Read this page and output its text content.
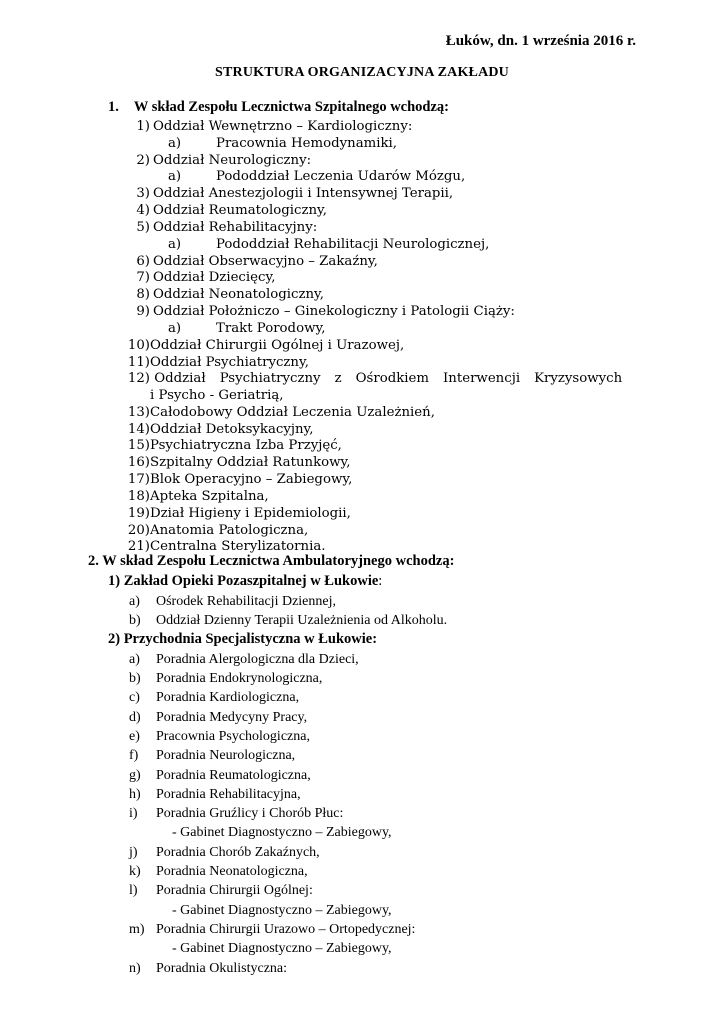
Łuków, dn. 1 września 2016 r.
STRUKTURA ORGANIZACYJNA ZAKŁADU
1. W skład Zespołu Lecznictwa Szpitalnego wchodzą:
1) Oddział Wewnętrzno – Kardiologiczny:
a)	Pracownia Hemodynamiki,
2) Oddział Neurologiczny:
a)	Pododdział Leczenia Udarów Mózgu,
3) Oddział Anestezjologii i Intensywnej Terapii,
4) Oddział Reumatologiczny,
5) Oddział Rehabilitacyjny:
a)	Pododdział Rehabilitacji Neurologicznej,
6) Oddział Obserwacyjno – Zakaźny,
7) Oddział Dziecięcy,
8) Oddział Neonatologiczny,
9) Oddział Położniczo – Ginekologiczny i Patologii Ciąży:
a)	Trakt Porodowy,
10)Oddział Chirurgii Ogólnej i Urazowej,
11)Oddział Psychiatryczny,
12) Oddział Psychiatryczny z Ośrodkiem Interwencji Kryzysowych
i Psycho - Geriatrią,
13)Całodobowy Oddział Leczenia Uzależnień,
14)Oddział Detoksykacyjny,
15)Psychiatryczna Izba Przyjęć,
16)Szpitalny Oddział Ratunkowy,
17)Blok Operacyjno – Zabiegowy,
18)Apteka Szpitalna,
19)Dział Higieny i Epidemiologii,
20)Anatomia Patologiczna,
21)Centralna Sterylizatornia.
2. W skład Zespołu Lecznictwa Ambulatoryjnego wchodzą:
1) Zakład Opieki Pozaszpitalnej w Łukowie:
a) Ośrodek Rehabilitacji Dziennej,
b) Oddział Dzienny Terapii Uzależnienia od Alkoholu.
2) Przychodnia Specjalistyczna w Łukowie:
a) Poradnia Alergologiczna dla Dzieci,
b) Poradnia Endokrynologiczna,
c) Poradnia Kardiologiczna,
d) Poradnia Medycyny Pracy,
e) Pracownia Psychologiczna,
f) Poradnia Neurologiczna,
g) Poradnia Reumatologiczna,
h) Poradnia Rehabilitacyjna,
i) Poradnia Gruźlicy i Chorób Płuc:
- Gabinet Diagnostyczno – Zabiegowy,
j) Poradnia Chorób Zakaźnych,
k) Poradnia Neonatologiczna,
l) Poradnia Chirurgii Ogólnej:
- Gabinet Diagnostyczno – Zabiegowy,
m) Poradnia Chirurgii Urazowo – Ortopedycznej:
- Gabinet Diagnostyczno – Zabiegowy,
n) Poradnia Okulistyczna:
